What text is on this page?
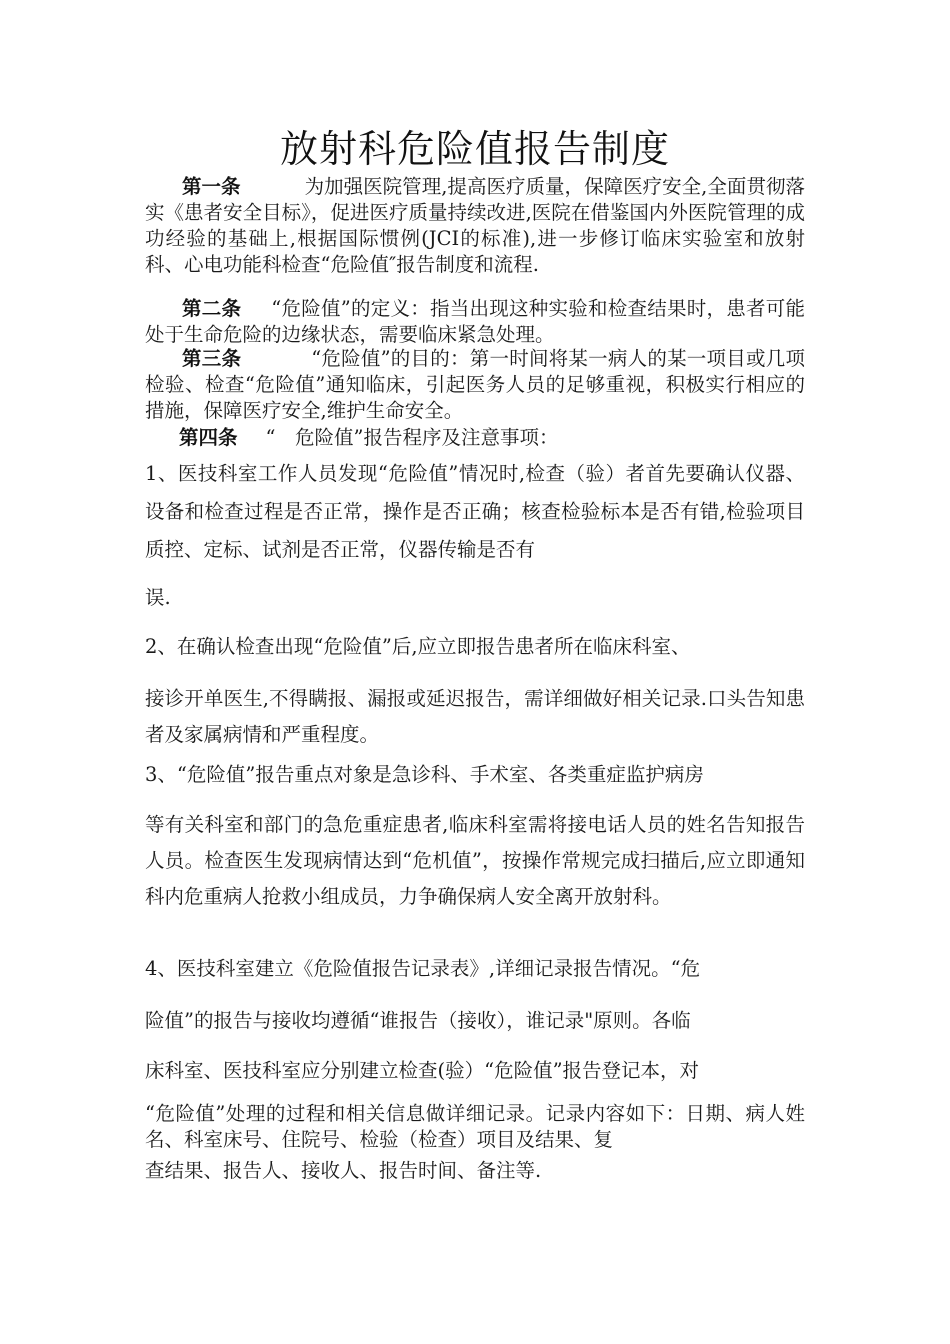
放射科危险值报告制度

第一条	为加强医院管理,提高医疗质量，保障医疗安全,全面贯彻落实《患者安全目标》，促进医疗质量持续改进,医院在借鉴国内外医院管理的成功经验的基础上,根据国际惯例(JCI的标准),进一步修订临床实验室和放射科、心电功能科检查“危险值″报告制度和流程.

第二条 “危险值”的定义：指当出现这种实验和检查结果时，患者可能处于生命危险的边缘状态，需要临床紧急处理。

第三条	“危险值”的目的：第一时间将某一病人的某一项目或几项检验、检查“危险值”通知临床，引起医务人员的足够重视，积极实行相应的措施，保障医疗安全,维护生命安全。

第四条 “　危险值”报告程序及注意事项：

1、医技科室工作人员发现“危险值”情况时,检查（验）者首先要确认仪器、设备和检查过程是否正常，操作是否正确；核查检验标本是否有错,检验项目质控、定标、试剂是否正常，仪器传输是否有
误.

2、在确认检查出现“危险值”后,应立即报告患者所在临床科室、
接诊开单医生,不得瞒报、漏报或延迟报告，需详细做好相关记录.口头告知患者及家属病情和严重程度。

3、“危险值”报告重点对象是急诊科、手术室、各类重症监护病房
等有关科室和部门的急危重症患者,临床科室需将接电话人员的姓名告知报告人员。检查医生发现病情达到“危机值”，按操作常规完成扫描后,应立即通知科内危重病人抢救小组成员，力争确保病人安全离开放射科。

4、医技科室建立《危险值报告记录表》,详细记录报告情况。“危
险值”的报告与接收均遵循“谁报告（接收），谁记录"原则。各临
床科室、医技科室应分别建立检查(验）“危险值”报告登记本，对
“危险值”处理的过程和相关信息做详细记录。记录内容如下：日期、病人姓名、科室床号、住院号、检验（检查）项目及结果、复
查结果、报告人、接收人、报告时间、备注等.
